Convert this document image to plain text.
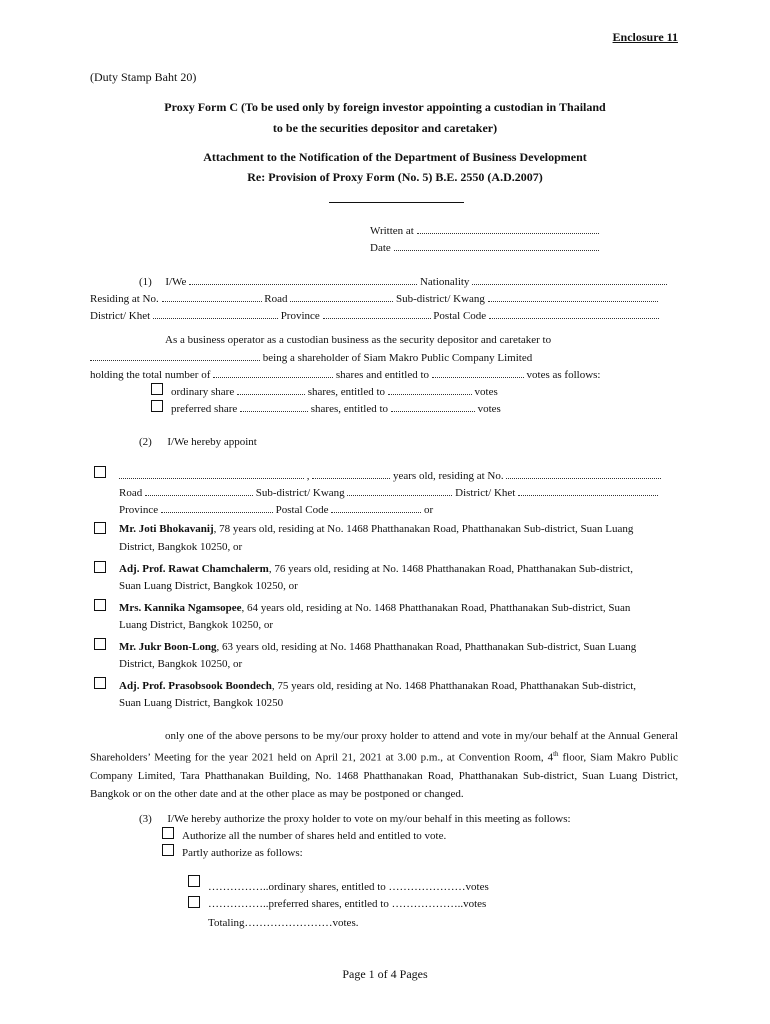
Enclosure 11
(Duty Stamp Baht 20)
Proxy Form C (To be used only by foreign investor appointing a custodian in Thailand
to be the securities depositor and caretaker)
Attachment to the Notification of the Department of Business Development
Re: Provision of Proxy Form (No. 5) B.E. 2550 (A.D.2007)
Written at
Date
(1) I/We	Nationality
Residing at No.	Road	Sub-district/ Kwang
District/ Khet	Province	Postal Code
As a business operator as a custodian business as the security depositor and caretaker to
being a shareholder of Siam Makro Public Company Limited
holding the total number of	shares and entitled to	votes as follows:
ordinary share	shares, entitled to	votes
preferred share	shares, entitled to	votes
(2) I/We hereby appoint
,	years old, residing at No.
Road	Sub-district/ Kwang	District/ Khet
Province	Postal Code	or
Mr. Joti Bhokavanij, 78 years old, residing at No. 1468 Phatthanakan Road, Phatthanakan Sub-district, Suan Luang
District, Bangkok 10250, or
Adj. Prof. Rawat Chamchalerm, 76 years old, residing at No. 1468 Phatthanakan Road, Phatthanakan Sub-district,
Suan Luang District, Bangkok 10250, or
Mrs. Kannika Ngamsopee, 64 years old, residing at No. 1468 Phatthanakan Road, Phatthanakan Sub-district, Suan
Luang District, Bangkok 10250, or
Mr. Jukr Boon-Long, 63 years old, residing at No. 1468 Phatthanakan Road, Phatthanakan Sub-district, Suan Luang
District, Bangkok 10250, or
Adj. Prof. Prasobsook Boondech, 75 years old, residing at No. 1468 Phatthanakan Road, Phatthanakan Sub-district,
Suan Luang District, Bangkok 10250
only one of the above persons to be my/our proxy holder to attend and vote in my/our behalf at the Annual General Shareholders’ Meeting for the year 2021 held on April 21, 2021 at 3.00 p.m., at Convention Room, 4th floor, Siam Makro Public Company Limited, Tara Phatthanakan Building, No. 1468 Phatthanakan Road, Phatthanakan Sub-district, Suan Luang District, Bangkok or on the other date and at the other place as may be postponed or changed.
(3) I/We hereby authorize the proxy holder to vote on my/our behalf in this meeting as follows:
Authorize all the number of shares held and entitled to vote.
Partly authorize as follows:
……………..ordinary shares, entitled to …………………votes
……………..preferred shares, entitled to ………………..votes
Totaling……………………votes.
Page 1 of 4 Pages
